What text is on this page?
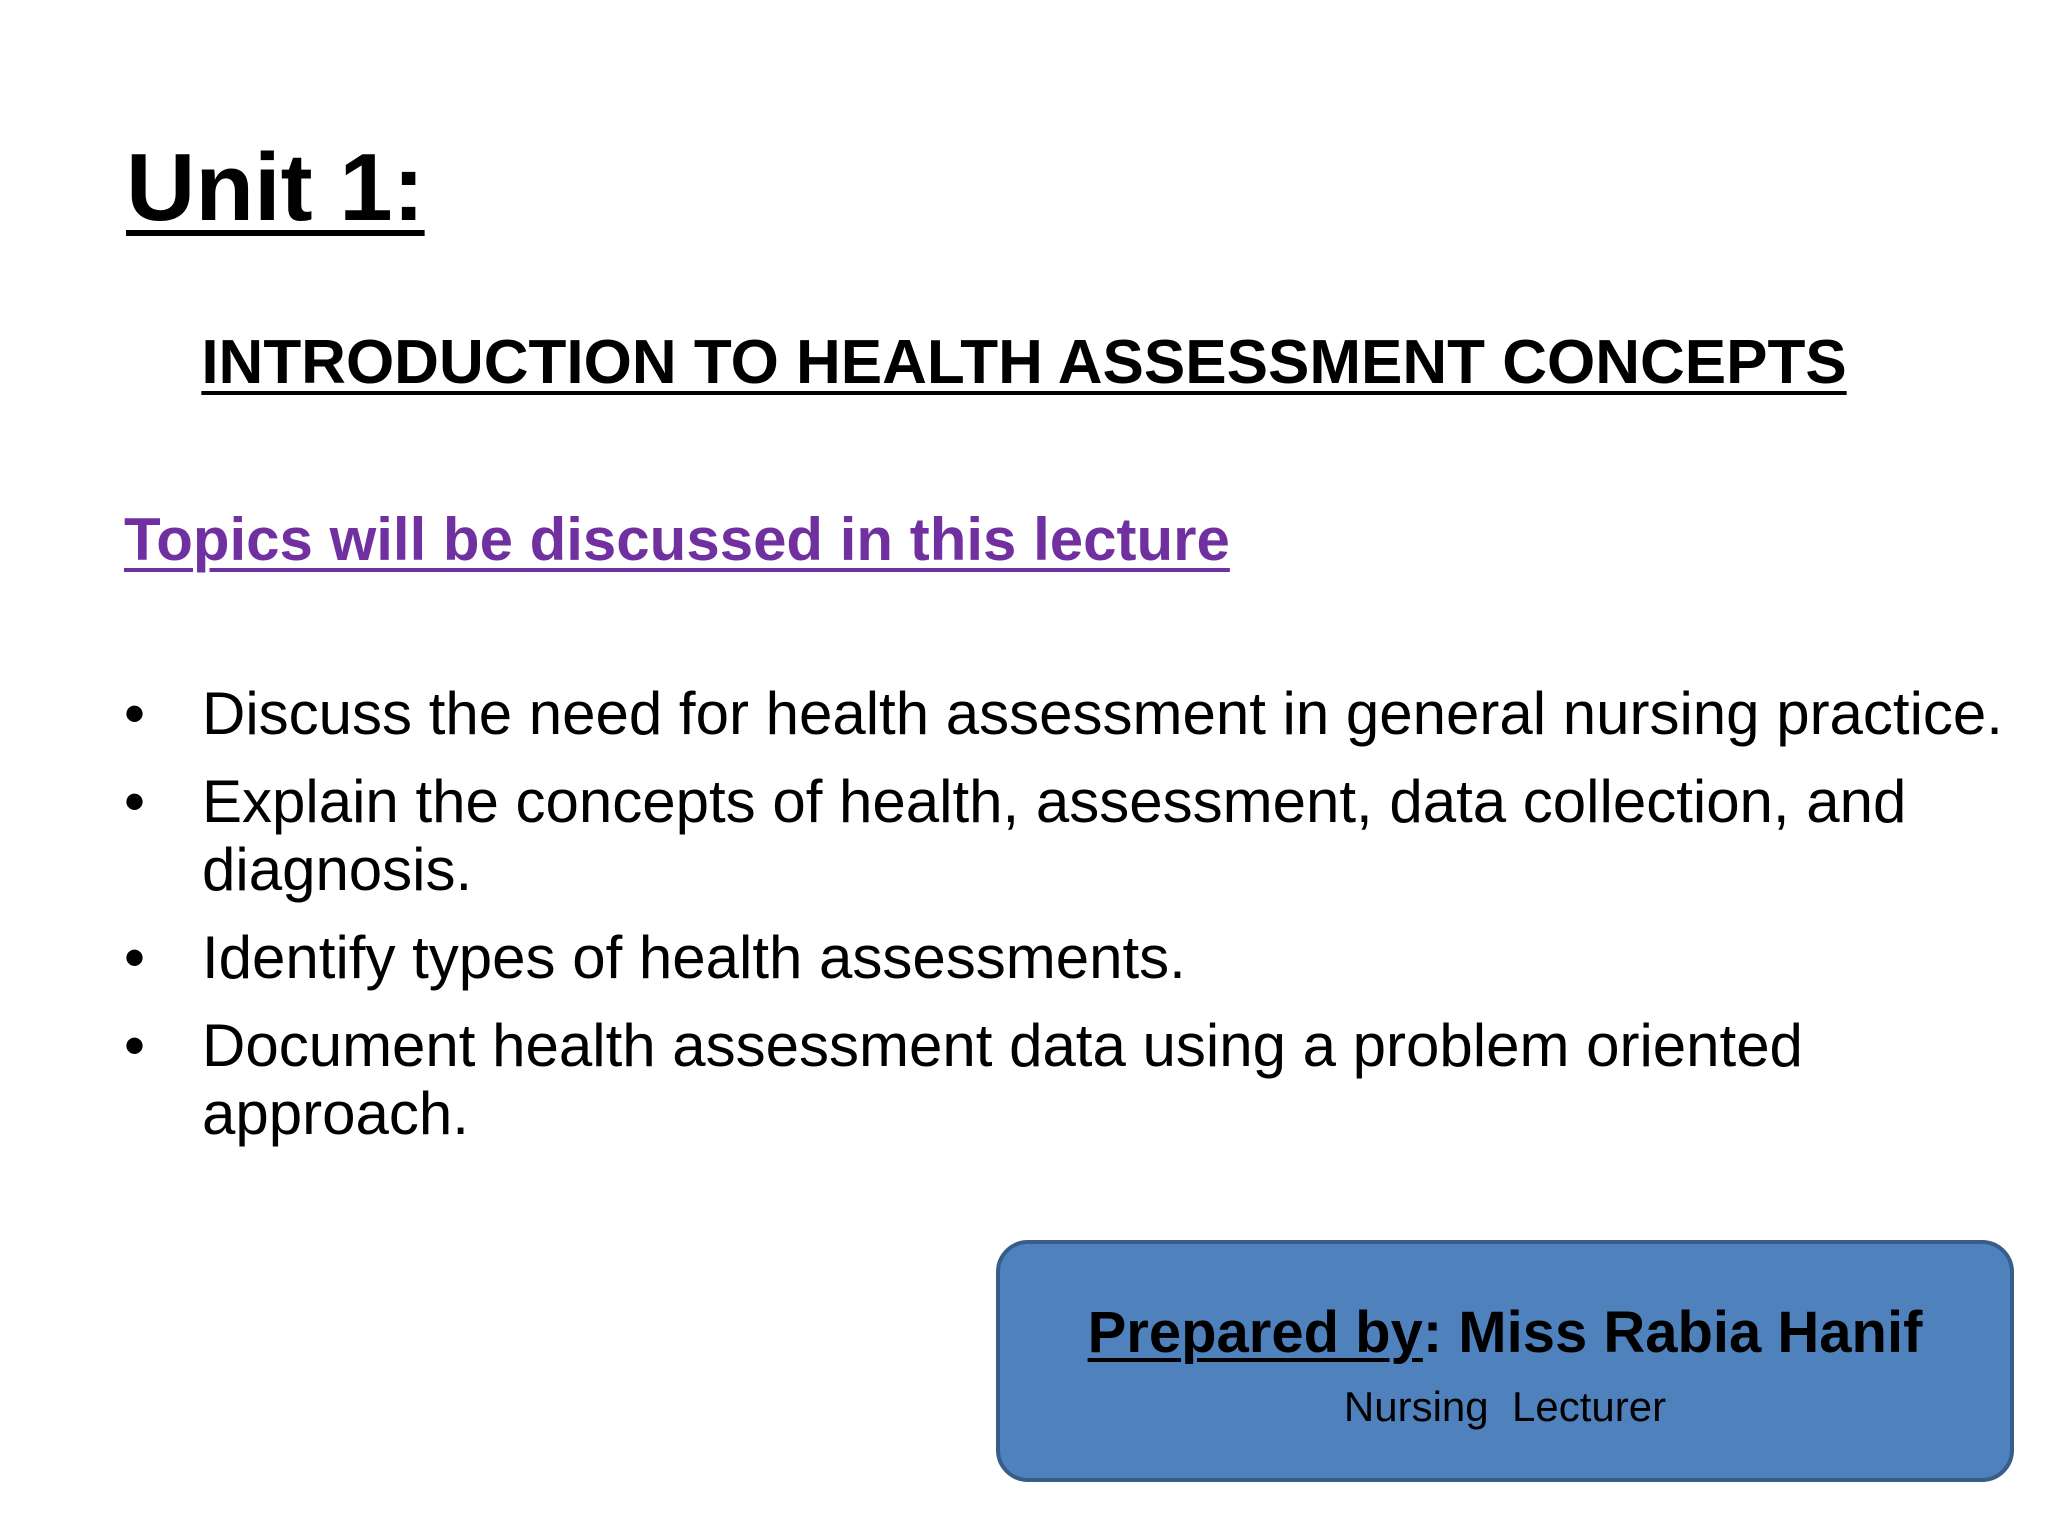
Unit 1:
INTRODUCTION TO HEALTH ASSESSMENT CONCEPTS
Topics will be discussed in this lecture
• Discuss the need for health assessment in general nursing practice.
• Explain the concepts of health, assessment, data collection, and diagnosis.
• Identify types of health assessments.
• Document health assessment data using a problem oriented approach.
Prepared by: Miss Rabia Hanif
Nursing  Lecturer
